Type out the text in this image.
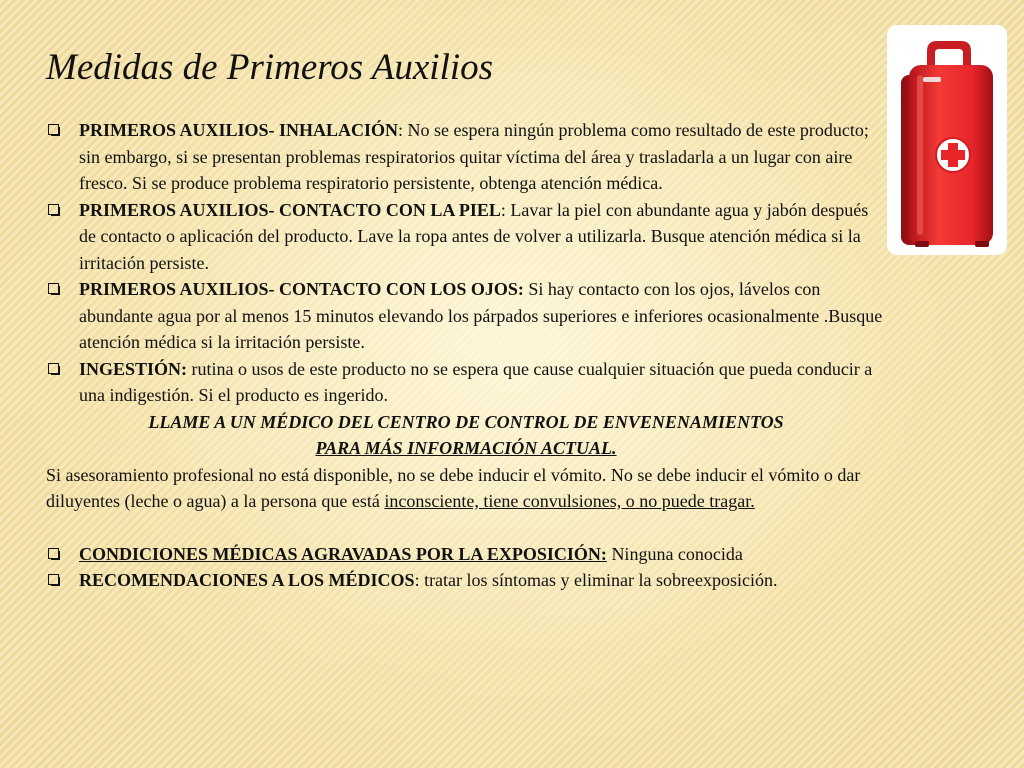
Medidas de Primeros Auxilios

PRIMEROS AUXILIOS- INHALACIÓN: No se espera ningún problema como resultado de este producto; sin embargo, si se presentan problemas respiratorios quitar víctima del área y trasladarla a un lugar con aire fresco. Si se produce problema respiratorio persistente, obtenga atención médica.

PRIMEROS AUXILIOS- CONTACTO CON LA PIEL: Lavar la piel con abundante agua y jabón después de contacto o aplicación del producto. Lave la ropa antes de volver a utilizarla. Busque atención médica si la irritación persiste.

PRIMEROS AUXILIOS- CONTACTO CON LOS OJOS: Si hay contacto con los ojos, lávelos con abundante agua por al menos 15 minutos elevando los párpados superiores e inferiores ocasionalmente .Busque atención médica si la irritación persiste.

INGESTIÓN: rutina o usos de este producto no se espera que cause cualquier situación que pueda conducir a una indigestión. Si el producto es ingerido.

LLAME A UN MÉDICO DEL CENTRO DE CONTROL DE ENVENENAMIENTOS
PARA MÁS INFORMACIÓN ACTUAL.

Si asesoramiento profesional no está disponible, no se debe inducir el vómito. No se debe inducir el vómito o dar diluyentes (leche o agua) a la persona que está inconsciente, tiene convulsiones, o no puede tragar.

CONDICIONES MÉDICAS AGRAVADAS POR LA EXPOSICIÓN: Ninguna conocida

RECOMENDACIONES A LOS MÉDICOS: tratar los síntomas y eliminar la sobreexposición.
